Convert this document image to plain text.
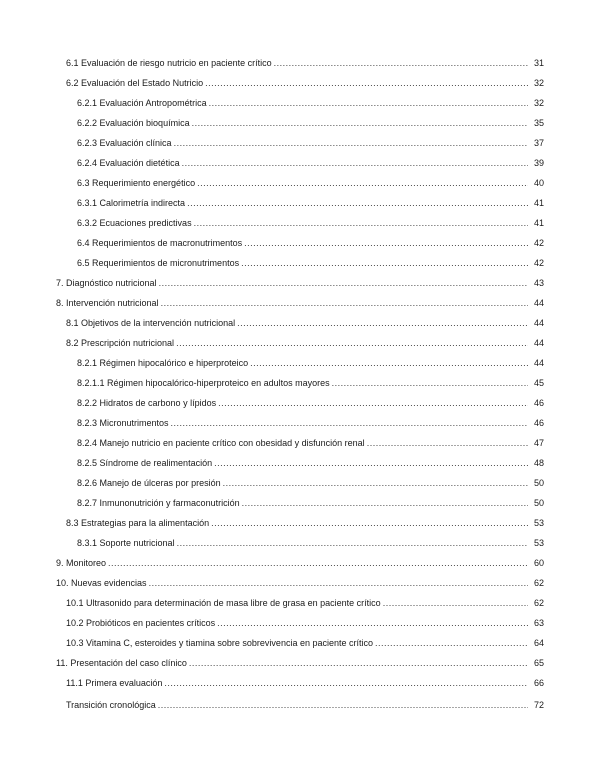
6.1 Evaluación de riesgo nutricio en paciente crítico .....	31
6.2 Evaluación del Estado Nutricio .....	32
6.2.1 Evaluación Antropométrica .....	32
6.2.2 Evaluación bioquímica .....	35
6.2.3 Evaluación clínica .....	37
6.2.4 Evaluación dietética .....	39
6.3 Requerimiento energético .....	40
6.3.1 Calorimetría indirecta .....	41
6.3.2 Ecuaciones predictivas .....	41
6.4 Requerimientos de macronutrimentos .....	42
6.5 Requerimientos de micronutrimentos .....	42
7. Diagnóstico nutricional .....	43
8. Intervención nutricional .....	44
8.1 Objetivos de la intervención nutricional .....	44
8.2 Prescripción nutricional .....	44
8.2.1 Régimen hipocalórico e hiperproteico .....	44
8.2.1.1 Régimen hipocalórico-hiperproteico en adultos mayores .....	45
8.2.2 Hidratos de carbono y lípidos .....	46
8.2.3 Micronutrimentos .....	46
8.2.4 Manejo nutricio en paciente crítico con obesidad y disfunción renal .....	47
8.2.5 Síndrome de realimentación .....	48
8.2.6 Manejo de úlceras por presión .....	50
8.2.7 Inmunonutrición y farmaconutrición .....	50
8.3 Estrategias para la alimentación .....	53
8.3.1 Soporte nutricional .....	53
9. Monitoreo .....	60
10. Nuevas evidencias .....	62
10.1 Ultrasonido para determinación de masa libre de grasa en paciente crítico .....	62
10.2 Probióticos en pacientes críticos .....	63
10.3 Vitamina C, esteroides y tiamina sobre sobrevivencia en paciente crítico .....	64
11. Presentación del caso clínico .....	65
11.1 Primera evaluación .....	66
Transición cronológica .....	72
